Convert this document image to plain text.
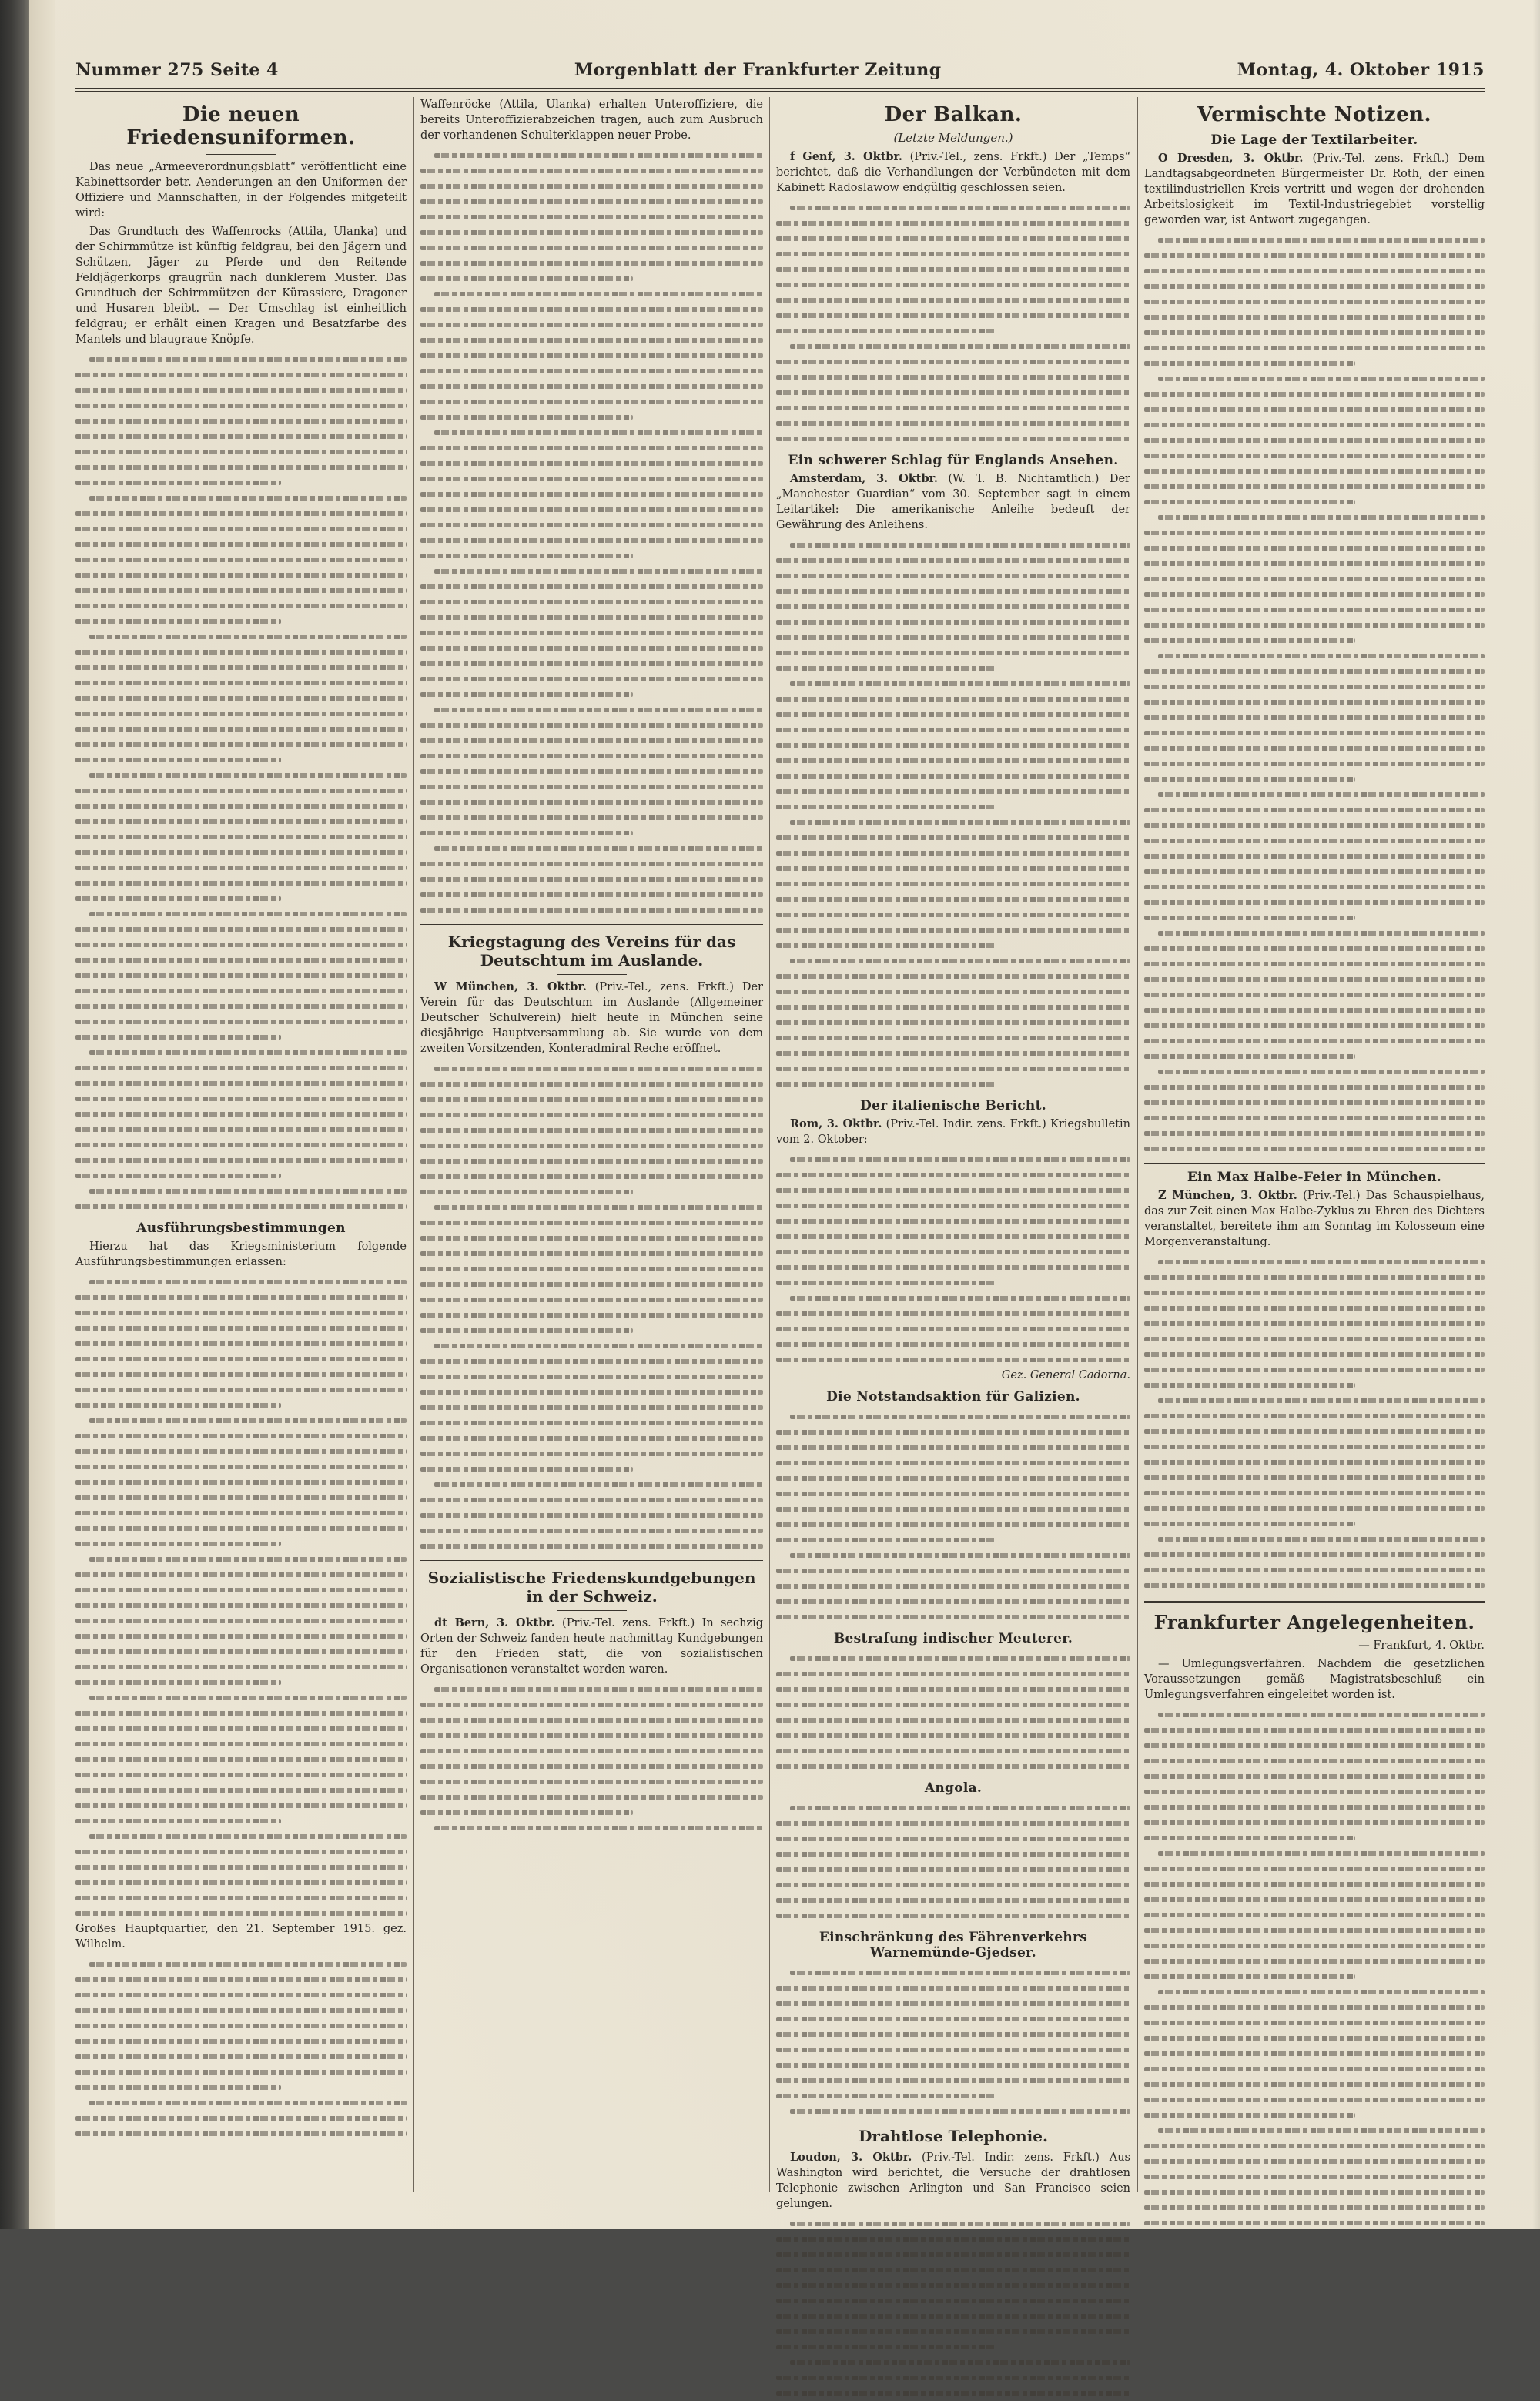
Nummer 275 Seite 4	Morgenblatt der Frankfurter Zeitung	Montag, 4. Oktober 1915
Die neuen Friedensuniformen.

Das neue „Armeeverordnungsblatt“ veröffentlicht eine Kabinettsorder betr. Aenderungen an den Uniformen der Offiziere und Mannschaften, in der Folgendes mitgeteilt wird:

Das Grundtuch des Waffenrocks (Attila, Ulanka) und der Schirmmütze ist künftig feldgrau, bei den Jägern und Schützen, Jäger zu Pferde und den Reitende Feldjägerkorps graugrün nach dunklerem Muster. Das Grundtuch der Schirmmützen der Kürassiere, Dragoner und Husaren bleibt. — Der Umschlag ist einheitlich feldgrau; er erhält einen Kragen und Besatzfarbe des Mantels und blaugraue Knöpfe.

Ausführungsbestimmungen

Hierzu hat das Kriegsministerium folgende Ausführungsbestimmungen erlassen:

Großes Hauptquartier, den 21. September 1915. gez. Wilhelm.

Waffenröcke (Attila, Ulanka) erhalten Unteroffiziere, die bereits Unteroffizierabzeichen tragen, auch zum Ausbruch der vorhandenen Schulterklappen neuer Probe.

Kriegstagung des Vereins für das Deutschtum im Auslande.

W München, 3. Oktbr. (Priv.-Tel., zens. Frkft.) Der Verein für das Deutschtum im Auslande (Allgemeiner Deutscher Schulverein) hielt heute in München seine diesjährige Hauptversammlung ab. Sie wurde von dem zweiten Vorsitzenden, Konteradmiral Reche eröffnet.

Sozialistische Friedenskundgebungen in der Schweiz.

dt Bern, 3. Oktbr. (Priv.-Tel. zens. Frkft.) In sechzig Orten der Schweiz fanden heute nachmittag Kundgebungen für den Frieden statt, die von sozialistischen Organisationen veranstaltet worden waren.

Der Balkan.
(Letzte Meldungen.)

f Genf, 3. Oktbr. (Priv.-Tel., zens. Frkft.) Der „Temps“ berichtet, daß die Verhandlungen der Verbündeten mit dem Kabinett Radoslawow endgültig geschlossen seien.

Ein schwerer Schlag für Englands Ansehen.

Amsterdam, 3. Oktbr. (W. T. B. Nichtamtlich.) Der „Manchester Guardian“ vom 30. September sagt in einem Leitartikel: Die amerikanische Anleihe bedeuft der Gewährung des Anleihens.

Der italienische Bericht.

Rom, 3. Oktbr. (Priv.-Tel. Indir. zens. Frkft.) Kriegsbulletin vom 2. Oktober:

Gez. General Cadorna.

Die Notstandsaktion für Galizien.
Bestrafung indischer Meuterer.
Angola.
Einschränkung des Fährenverkehrs Warnemünde-Gjedser.
Drahtlose Telephonie.

Loudon, 3. Oktbr. (Priv.-Tel. Indir. zens. Frkft.) Aus Washington wird berichtet, die Versuche der drahtlosen Telephonie zwischen Arlington und San Francisco seien gelungen.

Vermischte Notizen.
Die Lage der Textilarbeiter.

O Dresden, 3. Oktbr. (Priv.-Tel. zens. Frkft.) Dem Landtagsabgeordneten Bürgermeister Dr. Roth, der einen textilindustriellen Kreis vertritt und wegen der drohenden Arbeitslosigkeit im Textil-Industriegebiet vorstellig geworden war, ist Antwort zugegangen.

Ein Max Halbe-Feier in München.

Z München, 3. Oktbr. (Priv.-Tel.) Das Schauspielhaus, das zur Zeit einen Max Halbe-Zyklus zu Ehren des Dichters veranstaltet, bereitete ihm am Sonntag im Kolosseum eine Morgenveranstaltung.

Frankfurter Angelegenheiten.

— Frankfurt, 4. Oktbr.

— Umlegungsverfahren. Nachdem die gesetzlichen Voraussetzungen gemäß Magistratsbeschluß ein Umlegungsverfahren eingeleitet worden ist.
